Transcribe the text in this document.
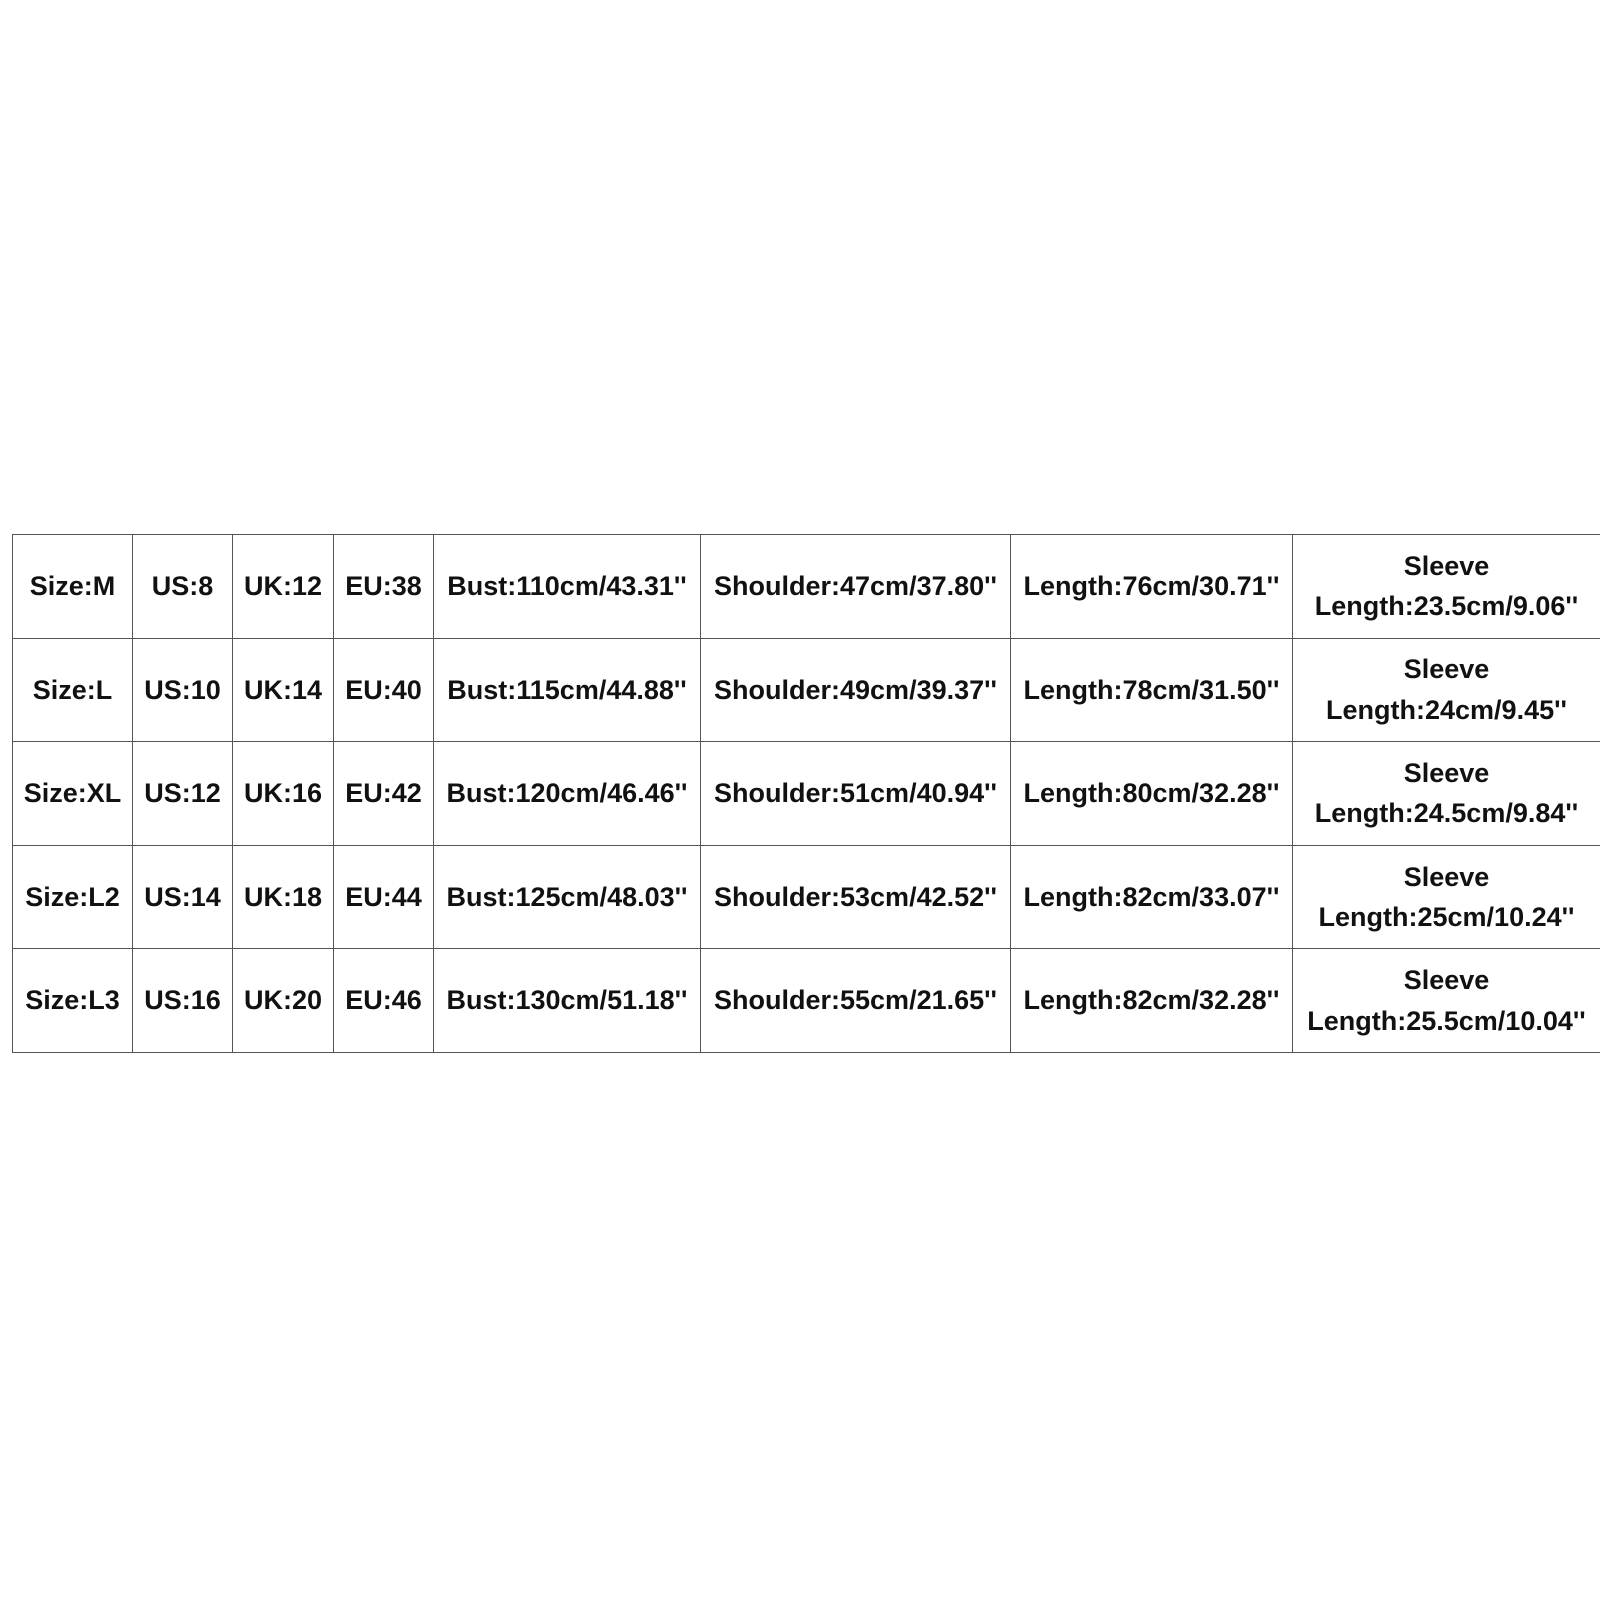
Size:M	US:8	UK:12	EU:38	Bust:110cm/43.31''	Shoulder:47cm/37.80''	Length:76cm/30.71''	Sleeve
Length:23.5cm/9.06''

Size:L	US:10	UK:14	EU:40	Bust:115cm/44.88''	Shoulder:49cm/39.37''	Length:78cm/31.50''	Sleeve
Length:24cm/9.45''

Size:XL	US:12	UK:16	EU:42	Bust:120cm/46.46''	Shoulder:51cm/40.94''	Length:80cm/32.28''	Sleeve
Length:24.5cm/9.84''

Size:L2	US:14	UK:18	EU:44	Bust:125cm/48.03''	Shoulder:53cm/42.52''	Length:82cm/33.07''	Sleeve
Length:25cm/10.24''

Size:L3	US:16	UK:20	EU:46	Bust:130cm/51.18''	Shoulder:55cm/21.65''	Length:82cm/32.28''	Sleeve
Length:25.5cm/10.04''
